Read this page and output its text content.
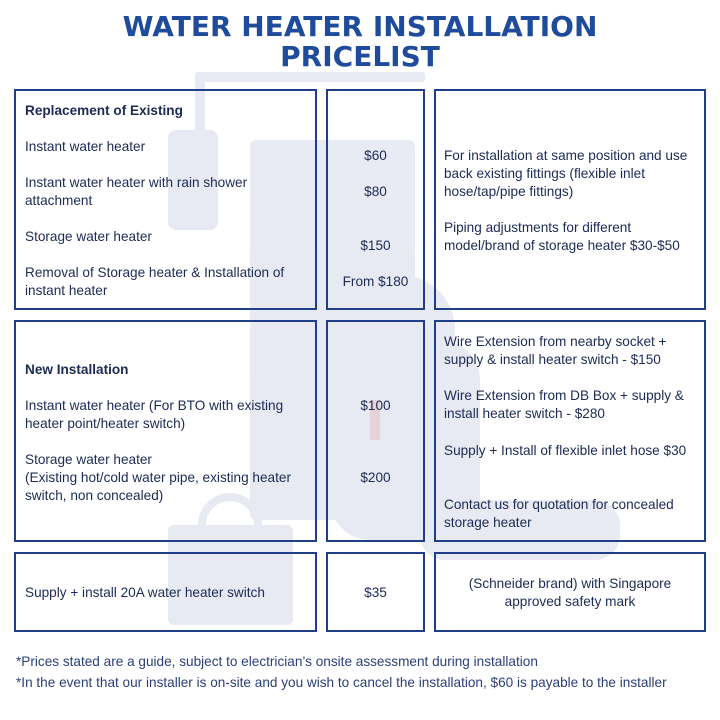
WATER HEATER INSTALLATION
PRICELIST
Replacement of Existing
Instant water heater
Instant water heater with rain shower attachment
Storage water heater
Removal of Storage heater & Installation of instant heater
$60
$80
$150
From $180
For installation at same position and use back existing fittings (flexible inlet hose/tap/pipe fittings)
Piping adjustments for different model/brand of storage heater $30-$50
New Installation
Instant water heater (For BTO with existing heater point/heater switch)
Storage water heater
(Existing hot/cold water pipe, existing heater switch, non concealed)
$100
$200
Wire Extension from nearby socket + supply & install heater switch - $150
Wire Extension from DB Box + supply & install heater switch - $280
Supply + Install of flexible inlet hose $30
Contact us for quotation for concealed storage heater
Supply + install 20A water heater switch	$35
(Schneider brand) with Singapore approved safety mark
*Prices stated are a guide, subject to electrician’s onsite assessment during installation
*In the event that our installer is on-site and you wish to cancel the installation, $60 is payable to the installer
